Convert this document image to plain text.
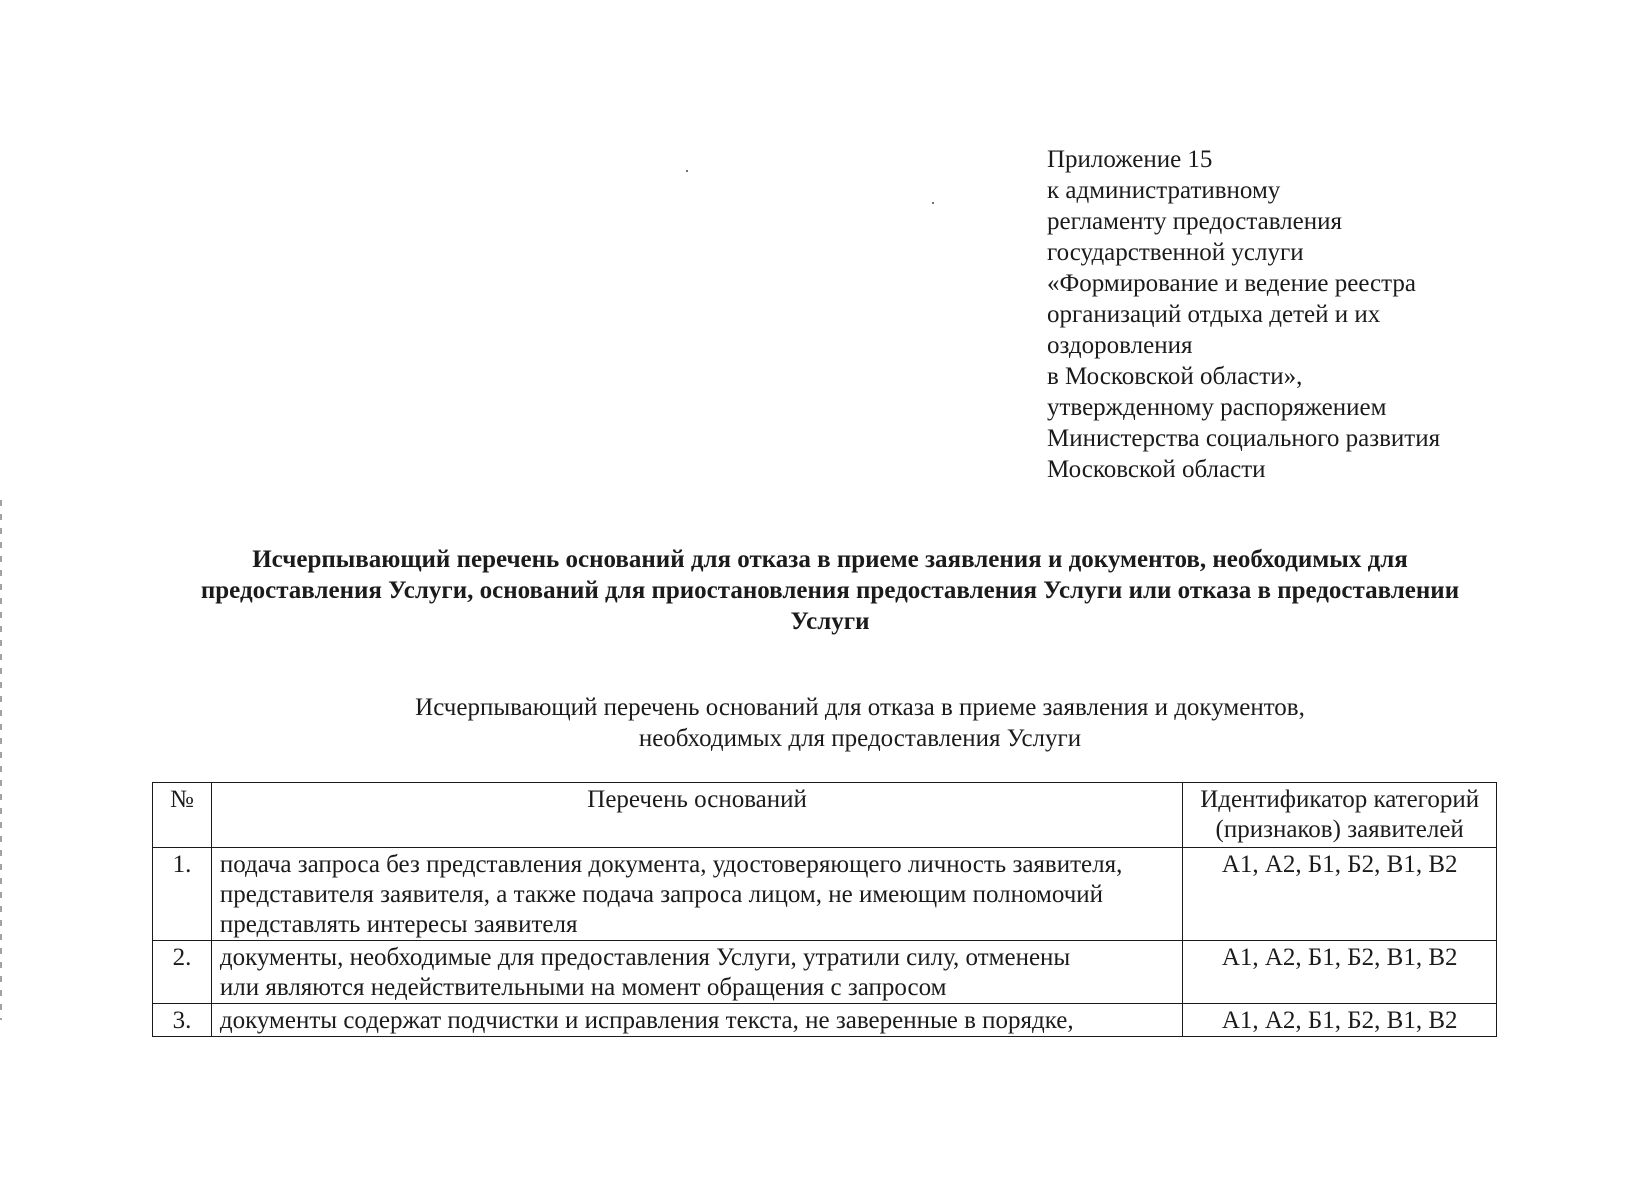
Приложение 15
к административному
регламенту предоставления
государственной услуги
«Формирование и ведение реестра
организаций отдыха детей и их
оздоровления
в Московской области»,
утвержденному распоряжением
Министерства социального развития
Московской области
Исчерпывающий перечень оснований для отказа в приеме заявления и документов, необходимых для
предоставления Услуги, оснований для приостановления предоставления Услуги или отказа в предоставлении
Услуги
Исчерпывающий перечень оснований для отказа в приеме заявления и документов,
необходимых для предоставления Услуги
№	Перечень оснований	Идентификатор категорий
(признаков) заявителей

1.	подача запроса без представления документа, удостоверяющего личность заявителя,
представителя заявителя, а также подача запроса лицом, не имеющим полномочий
представлять интересы заявителя	А1, А2, Б1, Б2, В1, В2
2.	документы, необходимые для предоставления Услуги, утратили силу, отменены
или являются недействительными на момент обращения с запросом	А1, А2, Б1, Б2, В1, В2
3.	документы содержат подчистки и исправления текста, не заверенные в порядке,	А1, А2, Б1, Б2, В1, В2
